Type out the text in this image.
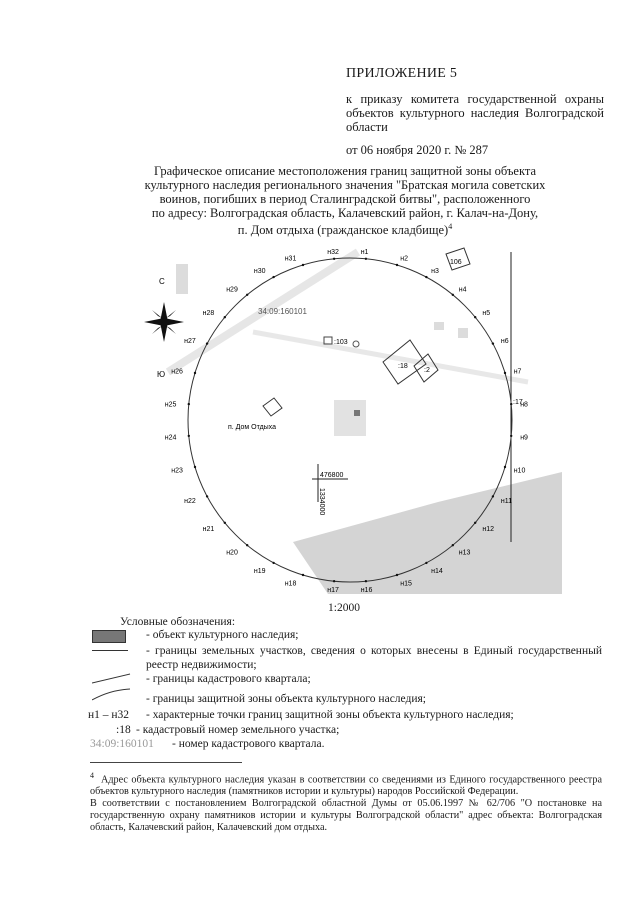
ПРИЛОЖЕНИЕ 5
к приказу комитета государственной охраны объектов культурного наследия Волгоградской области
от 06 ноября 2020 г. № 287
Графическое описание местоположения границ защитной зоны объекта
культурного наследия регионального значения "Братская могила советских
воинов, погибших в период Сталинградской битвы", расположенного
по адресу: Волгоградская область, Калачевский район, г. Калач-на-Дону,
п. Дом отдыха (гражданское кладбище)$^4$
:103
:18
:2
106
:17
п. Дом Отдыха
34:09:160101
476800
1334000
С
Ю
н1
н2
н3
н4
н5
н6
н7
н8
н9
н10
н11
н12
н13
н14
н15
н16
н17
н18
н19
н20
н21
н22
н23
н24
н25
н26
н27
н28
н29
н30
н31
н32
1:2000
Условные обозначения:
- объект культурного наследия;
- границы земельных участков, сведения о которых внесены в Единый государственный реестр недвижимости;
- границы кадастрового квартала;
- границы защитной зоны объекта культурного наследия;
н1 – н32 - характерные точки границ защитной зоны объекта культурного наследия;
:18 - кадастровый номер земельного участка;
34:09:160101 - номер кадастрового квартала.
$^4$ Адрес объекта культурного наследия указан в соответствии со сведениями из Единого государственного реестра объектов культурного наследия (памятников истории и культуры) народов Российской Федерации.
В соответствии с постановлением Волгоградской областной Думы от 05.06.1997 № 62/706 "О постановке на государственную охрану памятников истории и культуры Волгоградской области" адрес объекта: Волгоградская область, Калачевский район, Калачевский дом отдыха.
